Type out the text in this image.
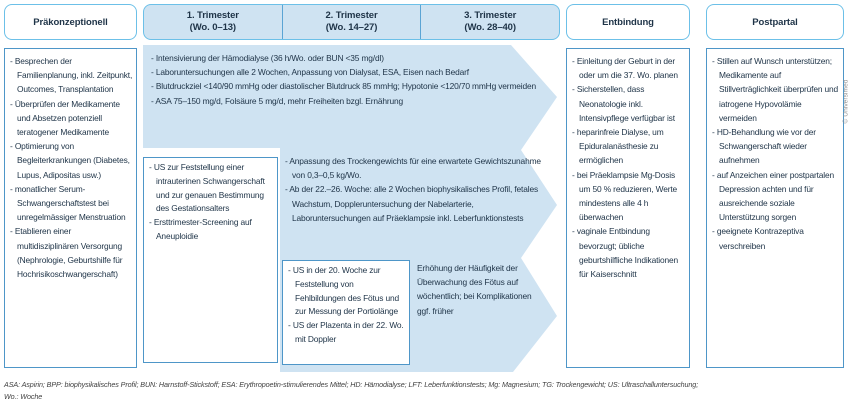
Präkonzeptionell
1. Trimester
(Wo. 0–13)
2. Trimester
(Wo. 14–27)
3. Trimester
(Wo. 28–40)	Entbindung	Postpartal
- Besprechen der Familienplanung, inkl. Zeitpunkt, Outcomes, Transplantation
- Überprüfen der Medikamente und Absetzen potenziell teratogener Medikamente
- Optimierung von Begleiterkrankungen (Diabetes, Lupus, Adipositas usw.)
- monatlicher Serum-Schwangerschaftstest bei unregelmässiger Menstruation
- Etablieren einer multidisziplinären Versorgung (Nephrologie, Geburtshilfe für Hochrisikoschwangerschaft)
- Intensivierung der Hämodialyse (36 h/Wo. oder BUN <35 mg/dl)
- Laboruntersuchungen alle 2 Wochen, Anpassung von Dialysat, ESA, Eisen nach Bedarf
- Blutdruckziel <140/90 mmHg oder diastolischer Blutdruck 85 mmHg; Hypotonie <120/70 mmHg vermeiden
- ASA 75–150 mg/d, Folsäure 5 mg/d, mehr Freiheiten bzgl. Ernährung
- US zur Feststellung einer intrauterinen Schwangerschaft und zur genauen Bestimmung des Gestationsalters
- Ersttrimester-Screening auf Aneuploidie
- Anpassung des Trockengewichts für eine erwartete Gewichtszunahme von 0,3–0,5 kg/Wo.
- Ab der 22.–26. Woche: alle 2 Wochen biophysikalisches Profil, fetales Wachstum, Doppleruntersuchung der Nabelarterie, Laboruntersuchungen auf Präeklampsie inkl. Leberfunktionstests
- US in der 20. Woche zur Feststellung von Fehlbildungen des Fötus und zur Messung der Portiolänge
- US der Plazenta in der 22. Wo. mit Doppler
Erhöhung der Häufigkeit der Überwachung des Fötus auf wöchentlich; bei Komplikationen ggf. früher
- Einleitung der Geburt in der oder um die 37. Wo. planen
- Sicherstellen, dass Neonatologie inkl. Intensivpflege verfügbar ist
- heparinfreie Dialyse, um Epiduralanästhesie zu ermöglichen
- bei Präeklampsie Mg-Dosis um 50 % reduzieren, Werte mindestens alle 4 h überwachen
- vaginale Entbindung bevorzugt; übliche geburtshilfliche Indikationen für Kaiserschnitt
- Stillen auf Wunsch unterstützen; Medikamente auf Stillverträglichkeit überprüfen und iatrogene Hypovolämie vermeiden
- HD-Behandlung wie vor der Schwangerschaft wieder aufnehmen
- auf Anzeichen einer postpartalen Depression achten und für ausreichende soziale Unterstützung sorgen
- geeignete Kontrazeptiva verschreiben
ASA: Aspirin; BPP: biophysikalisches Profil; BUN: Harnstoff-Stickstoff; ESA: Erythropoetin-stimulierendes Mittel; HD: Hämodialyse; LFT: Leberfunktionstests; Mg: Magnesium; TG: Trockengewicht; US: Ultraschalluntersuchung;
Wo.: Woche
© Universimed
